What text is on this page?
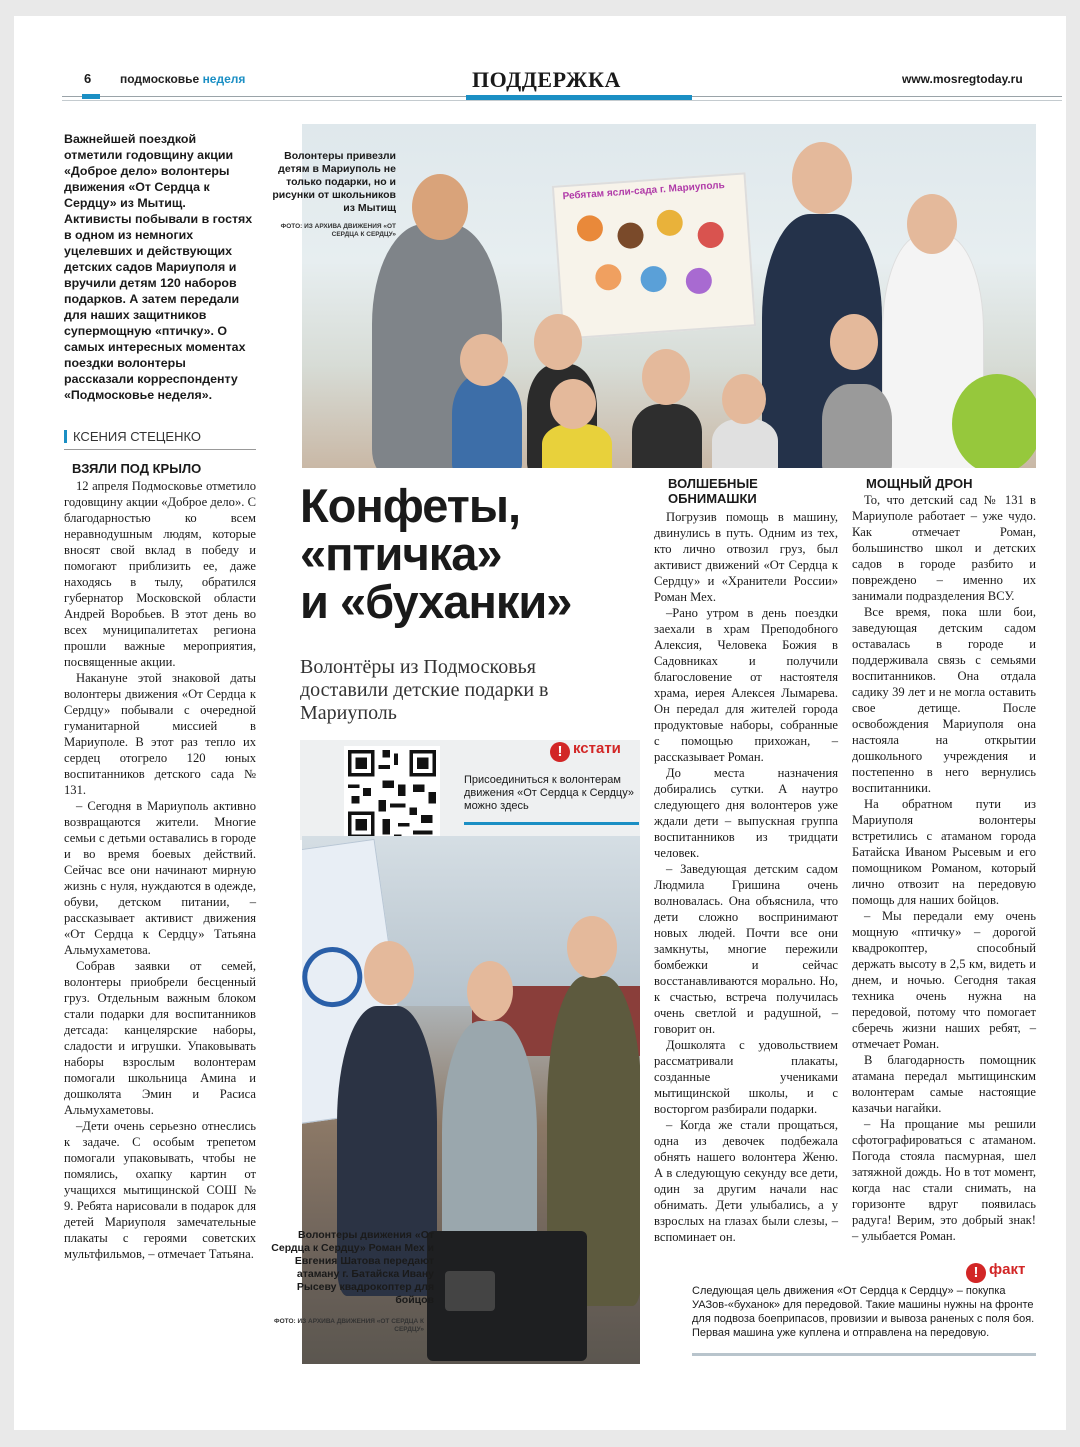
6 подмосковье неделя	ПОДДЕРЖКА	www.mosregtoday.ru
Важнейшей поездкой отметили годовщину акции «Доброе дело» волонтеры движения «От Сердца к Сердцу» из Мытищ. Активисты побывали в гостях в одном из немногих уцелевших и действующих детских садов Мариуполя и вручили детям 120 наборов подарков. А затем передали для наших защитников супермощную «птичку». О самых интересных моментах поездки волонтеры рассказали корреспонденту «Подмосковье неделя».
КСЕНИЯ СТЕЦЕНКО
ВЗЯЛИ ПОД КРЫЛО

12 апреля Подмосковье отметило годовщину акции «Доброе дело». С благодарностью ко всем неравнодушным людям, которые вносят свой вклад в победу и помогают приблизить ее, даже находясь в тылу, обратился губернатор Московской области Андрей Воробьев. В этот день во всех муниципалитетах региона прошли важные мероприятия, посвященные акции.

Накануне этой знаковой даты волонтеры движения «От Сердца к Сердцу» побывали с очередной гуманитарной миссией в Мариуполе. В этот раз тепло их сердец отогрело 120 юных воспитанников детского сада № 131.

– Сегодня в Мариуполь активно возвращаются жители. Многие семьи с детьми оставались в городе и во время боевых действий. Сейчас все они начинают мирную жизнь с нуля, нуждаются в одежде, обуви, детском питании, – рассказывает активист движения «От Сердца к Сердцу» Татьяна Альмухаметова.

Собрав заявки от семей, волонтеры приобрели бесценный груз. Отдельным важным блоком стали подарки для воспитанников детсада: канцелярские наборы, сладости и игрушки. Упаковывать наборы взрослым волонтерам помогали школьница Амина и дошколята Эмин и Расиса Альмухаметовы.

–Дети очень серьезно отнеслись к задаче. С особым трепетом помогали упаковывать, чтобы не помялись, охапку картин от учащихся мытищинской СОШ № 9. Ребята нарисовали в подарок для детей Мариуполя замечательные плакаты с героями советских мультфильмов, – отмечает Татьяна.

Ребятам ясли-сада г. Мариуполь
Волонтеры привезли детям в Мариуполь не только подарки, но и рисунки от школьников из Мытищ
ФОТО: ИЗ АРХИВА ДВИЖЕНИЯ «ОТ СЕРДЦА К СЕРДЦУ»
Конфеты,
«птичка»
и «буханки»
Волонтёры из Подмосковья доставили детские подарки в Мариуполь
! кстати
Присоединиться к волонтерам движения «От Сердца к Сердцу» можно здесь
Волонтеры движения «От Сердца к Сердцу» Роман Мех и Евгения Шатова передают атаману г. Батайска Ивану Рысеву квадрокоптер для бойцов
ФОТО: ИЗ АРХИВА ДВИЖЕНИЯ «ОТ СЕРДЦА К СЕРДЦУ»
ВОЛШЕБНЫЕ ОБНИМАШКИ

Погрузив помощь в машину, двинулись в путь. Одним из тех, кто лично отвозил груз, был активист движений «От Сердца к Сердцу» и «Хранители России» Роман Мех.

–Рано утром в день поездки заехали в храм Преподобного Алексия, Человека Божия в Садовниках и получили благословение от настоятеля храма, иерея Алексея Лымарева. Он передал для жителей города продуктовые наборы, собранные с помощью прихожан, – рассказывает Роман.

До места назначения добирались сутки. А наутро следующего дня волонтеров уже ждали дети – выпускная группа воспитанников из тридцати человек.

– Заведующая детским садом Людмила Гришина очень волновалась. Она объяснила, что дети сложно воспринимают новых людей. Почти все они замкнуты, многие пережили бомбежки и сейчас восстанавливаются морально. Но, к счастью, встреча получилась очень светлой и радушной, – говорит он.

Дошколята с удовольствием рассматривали плакаты, созданные учениками мытищинской школы, и с восторгом разбирали подарки.

– Когда же стали прощаться, одна из девочек подбежала обнять нашего волонтера Женю. А в следующую секунду все дети, один за другим начали нас обнимать. Дети улыбались, а у взрослых на глазах были слезы, – вспоминает он.

МОЩНЫЙ ДРОН

То, что детский сад № 131 в Мариуполе работает – уже чудо. Как отмечает Роман, большинство школ и детских садов в городе разбито и повреждено – именно их занимали подразделения ВСУ.

Все время, пока шли бои, заведующая детским садом оставалась в городе и поддерживала связь с семьями воспитанников. Она отдала садику 39 лет и не могла оставить свое детище. После освобождения Мариуполя она настояла на открытии дошкольного учреждения и постепенно в него вернулись воспитанники.

На обратном пути из Мариуполя волонтеры встретились с атаманом города Батайска Иваном Рысевым и его помощником Романом, который лично отвозит на передовую помощь для наших бойцов.

– Мы передали ему очень мощную «птичку» – дорогой квадрокоптер, способный держать высоту в 2,5 км, видеть и днем, и ночью. Сегодня такая техника очень нужна на передовой, потому что помогает сберечь жизни наших ребят, – отмечает Роман.

В благодарность помощник атамана передал мытищинским волонтерам самые настоящие казачьи нагайки.

– На прощание мы решили сфотографироваться с атаманом. Погода стояла пасмурная, шел затяжной дождь. Но в тот момент, когда нас стали снимать, на горизонте вдруг появилась радуга! Верим, это добрый знак! – улыбается Роман.

! факт
Следующая цель движения «От Сердца к Сердцу» – покупка УАЗов-«буханок» для передовой. Такие машины нужны на фронте для подвоза боеприпасов, провизии и вывоза раненых с поля боя. Первая машина уже куплена и отправлена на передовую.
